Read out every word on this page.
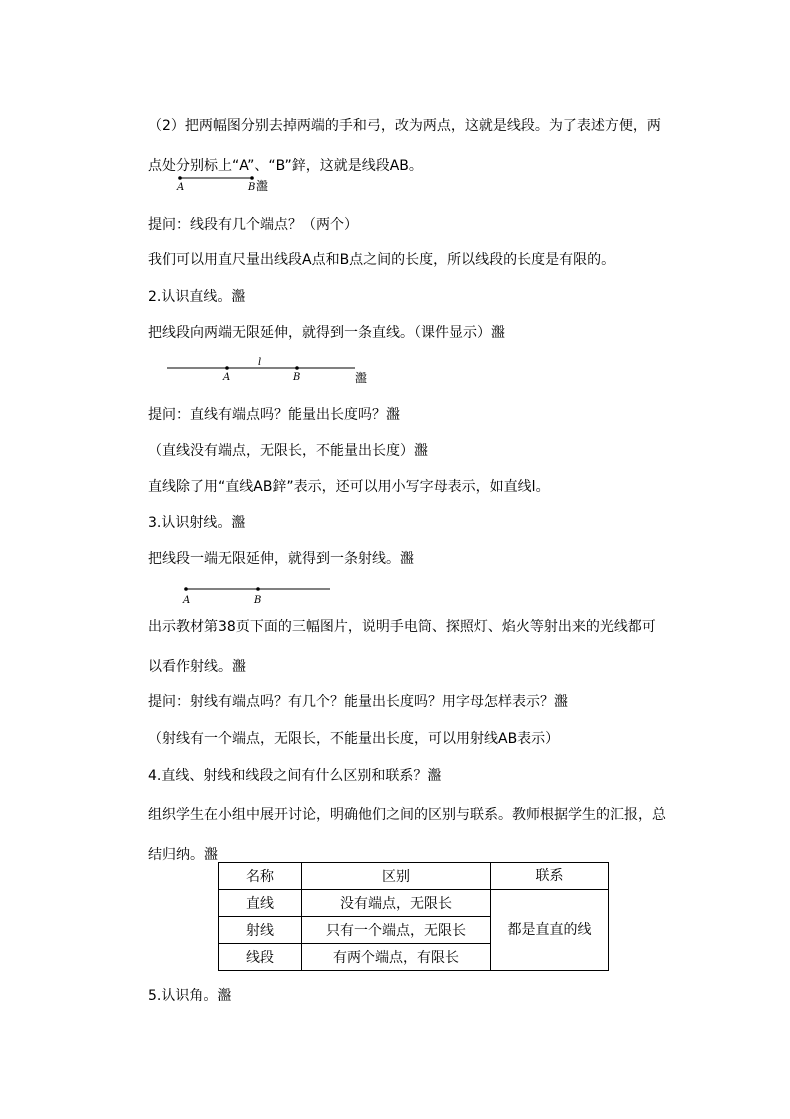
（2）把两幅图分别去掉两端的手和弓，改为两点，这就是线段。为了表述方便，两点处分别标上“A”、“B”鋅，这就是线段AB。
A	B 瀊
提问：线段有几个端点？（两个）
我们可以用直尺量出线段A点和B点之间的长度，所以线段的长度是有限的。
2.认识直线。瀊
把线段向两端无限延伸，就得到一条直线。（课件显示）瀊
l
A	B	瀊
提问：直线有端点吗？能量出长度吗？瀊
（直线没有端点，无限长，不能量出长度）瀊
直线除了用“直线AB鋅”表示，还可以用小写字母表示，如直线l。
3.认识射线。瀊
把线段一端无限延伸，就得到一条射线。瀊
A	B
出示教材第38页下面的三幅图片，说明手电筒、探照灯、焰火等射出来的光线都可以看作射线。瀊
提问：射线有端点吗？有几个？能量出长度吗？用字母怎样表示？瀊
（射线有一个端点，无限长，不能量出长度，可以用射线AB表示）
4.直线、射线和线段之间有什么区别和联系？瀊
组织学生在小组中展开讨论，明确他们之间的区别与联系。教师根据学生的汇报，总结归纳。瀊
名称	区别	联系
直线	没有端点，无限长	都是直直的线
射线	只有一个端点，无限长	
线段	有两个端点，有限长	
5.认识角。瀊
